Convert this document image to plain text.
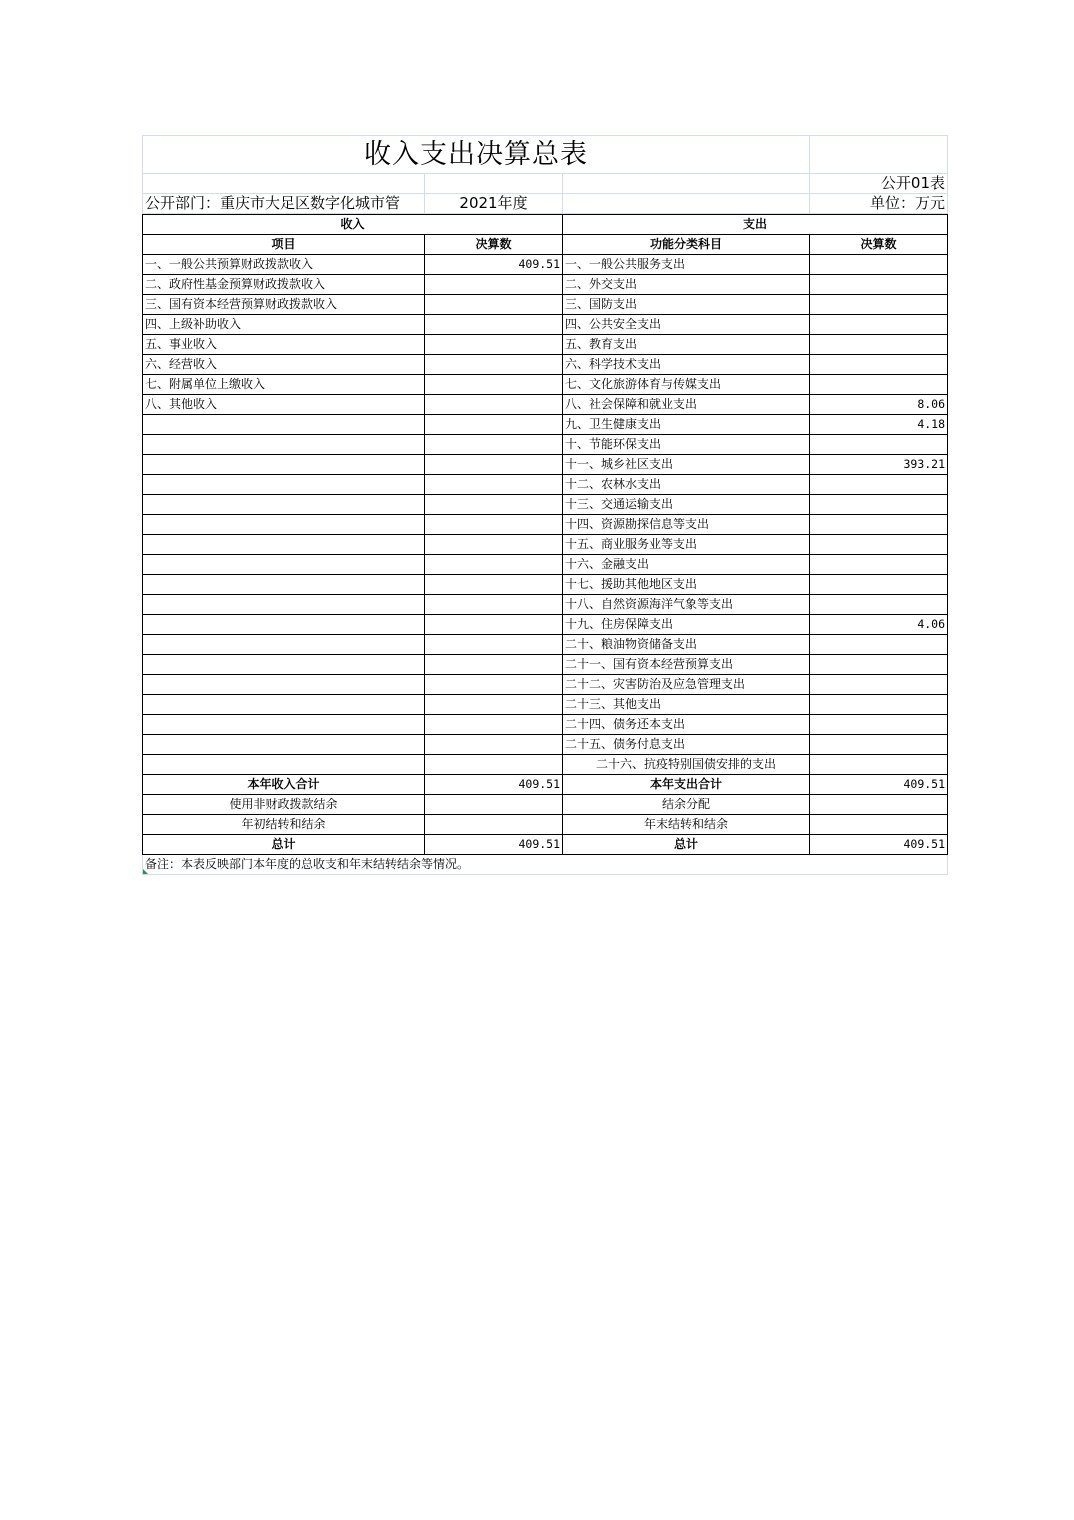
收入支出决算总表			
			公开01表
公开部门：重庆市大足区数字化城市管	2021年度		单位：万元
收入		支出	
项目	决算数	功能分类科目	决算数
一、一般公共预算财政拨款收入	409.51	一、一般公共服务支出	
二、政府性基金预算财政拨款收入		二、外交支出	
三、国有资本经营预算财政拨款收入		三、国防支出	
四、上级补助收入		四、公共安全支出	
五、事业收入		五、教育支出	
六、经营收入		六、科学技术支出	
七、附属单位上缴收入		七、文化旅游体育与传媒支出	
八、其他收入		八、社会保障和就业支出	8.06
		九、卫生健康支出	4.18
		十、节能环保支出	
		十一、城乡社区支出	393.21
		十二、农林水支出	
		十三、交通运输支出	
		十四、资源勘探信息等支出	
		十五、商业服务业等支出	
		十六、金融支出	
		十七、援助其他地区支出	
		十八、自然资源海洋气象等支出	
		十九、住房保障支出	4.06
		二十、粮油物资储备支出	
		二十一、国有资本经营预算支出	
		二十二、灾害防治及应急管理支出	
		二十三、其他支出	
		二十四、债务还本支出	
		二十五、债务付息支出	
		二十六、抗疫特别国债安排的支出	
本年收入合计	409.51	本年支出合计	409.51
使用非财政拨款结余		结余分配	
年初结转和结余		年末结转和结余	
总计	409.51	总计	409.51

备注：本表反映部门本年度的总收支和年末结转结余等情况。			
